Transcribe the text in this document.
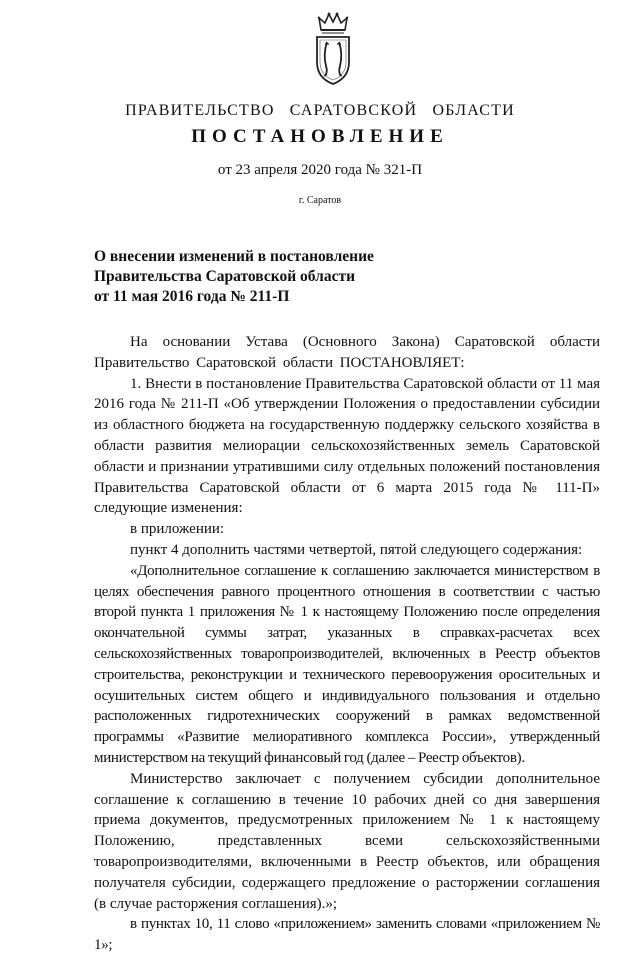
ПРАВИТЕЛЬСТВО САРАТОВСКОЙ ОБЛАСТИ
ПОСТАНОВЛЕНИЕ
от 23 апреля 2020 года № 321-П
г. Саратов
О внесении изменений в постановление
Правительства Саратовской области
от 11 мая 2016 года № 211-П

На основании Устава (Основного Закона) Саратовской области Правительство Саратовской области ПОСТАНОВЛЯЕТ:

1. Внести в постановление Правительства Саратовской области от 11 мая 2016 года № 211-П «Об утверждении Положения о предоставлении субсидии из областного бюджета на государственную поддержку сельского хозяйства в области развития мелиорации сельскохозяйственных земель Саратовской области и признании утратившими силу отдельных положений постановления Правительства Саратовской области от 6 марта 2015 года № 111-П» следующие изменения:

в приложении:

пункт 4 дополнить частями четвертой, пятой следующего содержания:

«Дополнительное соглашение к соглашению заключается министерством в целях обеспечения равного процентного отношения в соответствии с частью второй пункта 1 приложения № 1 к настоящему Положению после определения окончательной суммы затрат, указанных в справках-расчетах всех сельскохозяйственных товаропроизводителей, включенных в Реестр объектов строительства, реконструкции и технического перевооружения оросительных и осушительных систем общего и индивидуального пользования и отдельно расположенных гидротехнических сооружений в рамках ведомственной программы «Развитие мелиоративного комплекса России», утвержденный министерством на текущий финансовый год (далее – Реестр объектов).

Министерство заключает с получением субсидии дополнительное соглашение к соглашению в течение 10 рабочих дней со дня завершения приема документов, предусмотренных приложением № 1 к настоящему Положению, представленных всеми сельскохозяйственными товаропроизводителями, включенными в Реестр объектов, или обращения получателя субсидии, содержащего предложение о расторжении соглашения (в случае расторжения соглашения).»;

в пунктах 10, 11 слово «приложением» заменить словами «приложением № 1»;
